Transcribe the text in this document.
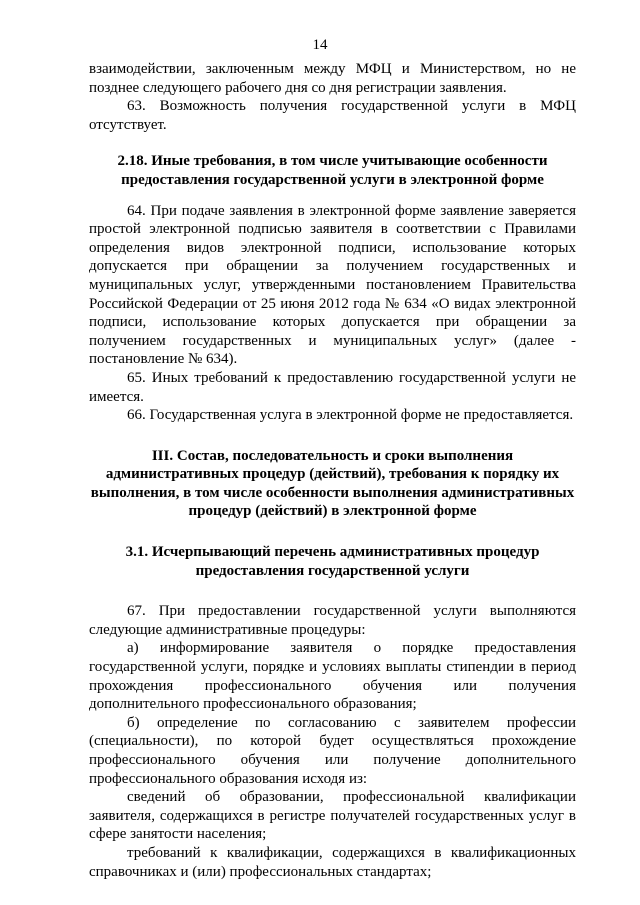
14

взаимодействии, заключенным между МФЦ и Министерством, но не позднее следующего рабочего дня со дня регистрации заявления.

63. Возможность получения государственной услуги в МФЦ отсутствует.

2.18. Иные требования, в том числе учитывающие особенности предоставления государственной услуги в электронной форме

64. При подаче заявления в электронной форме заявление заверяется простой электронной подписью заявителя в соответствии с Правилами определения видов электронной подписи, использование которых допускается при обращении за получением государственных и муниципальных услуг, утвержденными постановлением Правительства Российской Федерации от 25 июня 2012 года № 634 «О видах электронной подписи, использование которых допускается при обращении за получением государственных и муниципальных услуг» (далее - постановление № 634).

65. Иных требований к предоставлению государственной услуги не имеется.

66. Государственная услуга в электронной форме не предоставляется.

III. Состав, последовательность и сроки выполнения административных процедур (действий), требования к порядку их выполнения, в том числе особенности выполнения административных процедур (действий) в электронной форме
3.1. Исчерпывающий перечень административных процедур предоставления государственной услуги

67. При предоставлении государственной услуги выполняются следующие административные процедуры:

а) информирование заявителя о порядке предоставления государственной услуги, порядке и условиях выплаты стипендии в период прохождения профессионального обучения или получения дополнительного профессионального образования;

б) определение по согласованию с заявителем профессии (специальности), по которой будет осуществляться прохождение профессионального обучения или получение дополнительного профессионального образования исходя из:

сведений об образовании, профессиональной квалификации заявителя, содержащихся в регистре получателей государственных услуг в сфере занятости населения;

требований к квалификации, содержащихся в квалификационных справочниках и (или) профессиональных стандартах;
